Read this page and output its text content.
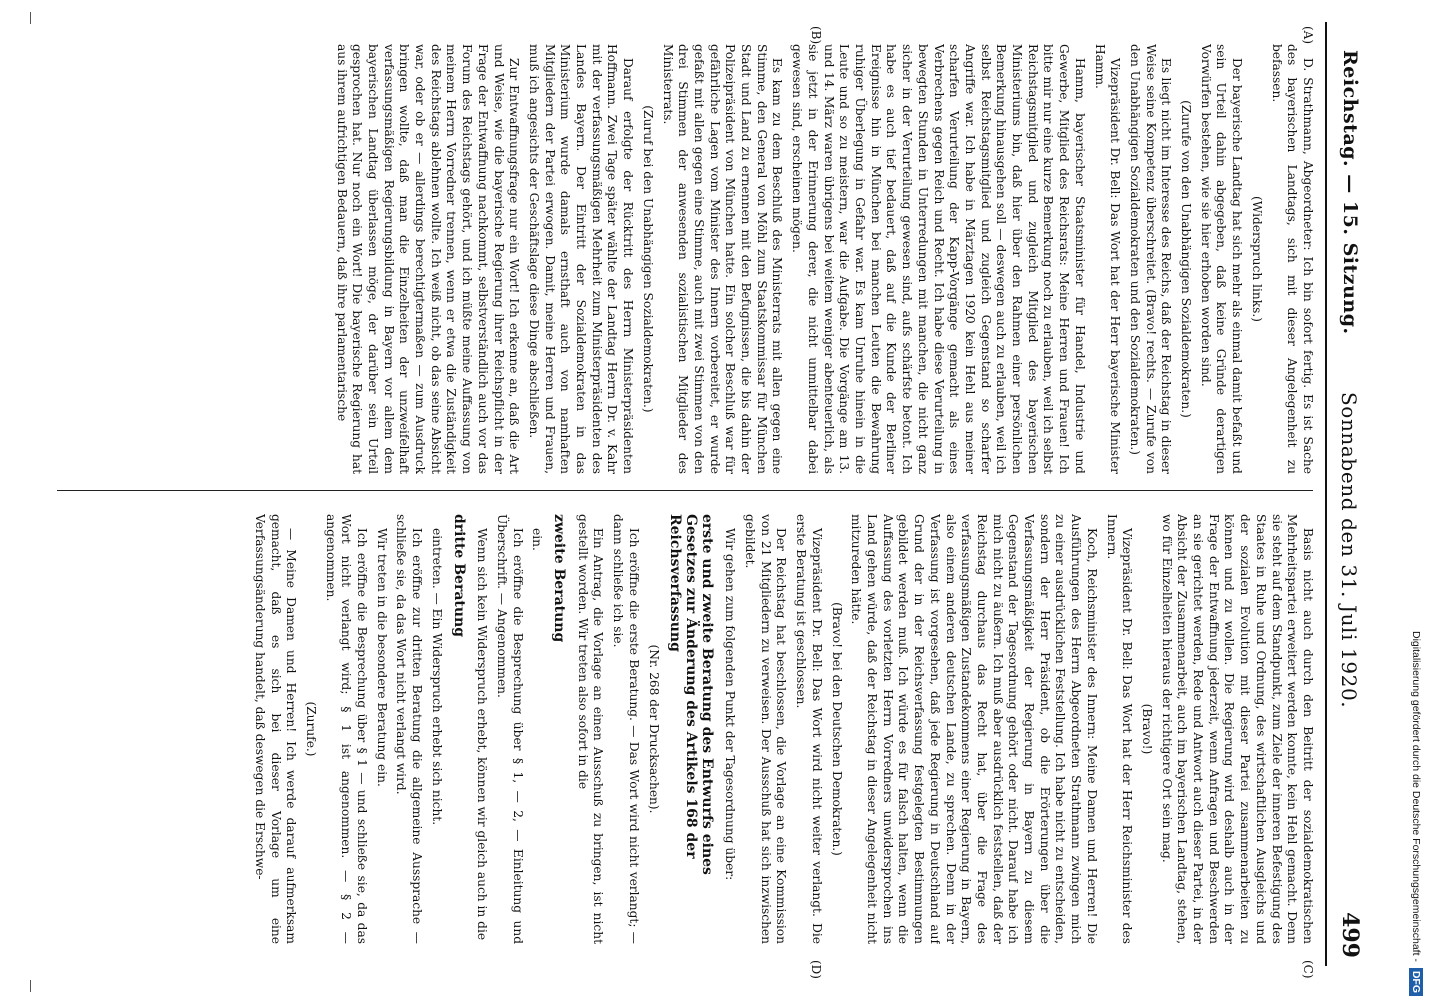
Reichstag. — 15. Sitzung.
Sonnabend den 31. Juli 1920.
499
(A)
(B)
(C)
(D)

D. Strathmann, Abgeordneter: Ich bin sofort fertig. Es ist Sache des bayerischen Landtags, sich mit dieser Angelegenheit zu befassen.

(Widerspruch links.)

Der bayerische Landtag hat sich mehr als einmal damit befaßt und sein Urteil dahin abgegeben, daß keine Gründe derartigen Vorwürfen bestehen, wie sie hier erhoben worden sind.

(Zurufe von den Unabhängigen Sozialdemokraten.)

Es liegt nicht im Interesse des Reichs, daß der Reichstag in dieser Weise seine Kompetenz überschreitet. (Bravo! rechts. — Zurufe von den Unabhängigen Sozialdemokraten und den Sozialdemokraten.)

Vizepräsident Dr. Bell: Das Wort hat der Herr bayerische Minister Hamm.

Hamm, bayerischer Staatsminister für Handel, Industrie und Gewerbe, Mitglied des Reichsrats: Meine Herren und Frauen! Ich bitte mir nur eine kurze Bemerkung noch zu erlauben, weil ich selbst Reichstagsmitglied und zugleich Mitglied des bayerischen Ministeriums bin, daß hier über den Rahmen einer persönlichen Bemerkung hinausgehen soll — deswegen auch zu erlauben, weil ich selbst Reichstagsmitglied und zugleich Gegenstand so scharfer Angriffe war. Ich habe in Märztagen 1920 kein Hehl aus meiner scharfen Verurteilung der Kapp-Vorgänge gemacht als eines Verbrechens gegen Reich und Recht. Ich habe diese Verurteilung in bewegten Stunden in Unterredungen mit manchen, die nicht ganz sicher in der Verurteilung gewesen sind, aufs schärfste betont. Ich habe es auch tief bedauert, daß auf die Kunde der Berliner Ereignisse hin in München bei manchen Leuten die Bewahrung ruhiger Überlegung in Gefahr war. Es kam Unruhe hinein in die Leute und so zu meistern, war die Aufgabe. Die Vorgänge am 13. und 14. März waren übrigens bei weitem weniger abenteuerlich, als sie jetzt in der Erinnerung derer, die nicht unmittelbar dabei gewesen sind, erscheinen mögen.

Es kam zu dem Beschluß des Ministerrats mit allen gegen eine Stimme, den General von Möhl zum Staatskommissar für München Stadt und Land zu ernennen mit den Befugnissen, die bis dahin der Polizeipräsident von München hatte. Ein solcher Beschluß war für gefährliche Lagen vom Minister des Innern vorbereitet, er wurde gefaßt mit allen gegen eine Stimme, auch mit zwei Stimmen von den drei Stimmen der anwesenden sozialistischen Mitglieder des Ministerrats.

(Zuruf bei den Unabhängigen Sozialdemokraten.)

Darauf erfolgte der Rücktritt des Herrn Ministerpräsidenten Hoffmann. Zwei Tage später wählte der Landtag Herrn Dr. v. Kahr mit der verfassungsmäßigen Mehrheit zum Ministerpräsidenten des Landes Bayern. Der Eintritt der Sozialdemokraten in das Ministerium wurde damals ernsthaft auch von namhaften Mitgliedern der Partei erwogen. Damit, meine Herren und Frauen, muß ich angesichts der Geschäftslage diese Dinge abschließen.

Zur Entwaffnungsfrage nur ein Wort! Ich erkenne an, daß die Art und Weise, wie die bayerische Regierung ihrer Reichspflicht in der Frage der Entwaffnung nachkommt, selbstverständlich auch vor das Forum des Reichstags gehört, und ich müßte meine Auffassung von meinem Herrn Vorredner trennen, wenn er etwa die Zuständigkeit des Reichstags ablehnen wollte. Ich weiß nicht, ob das seine Absicht war, oder ob er — allerdings berechtigtermaßen — zum Ausdruck bringen wollte, daß man die Einzelheiten der unzweifelhaft verfassungsmäßigen Regierungsbildung in Bayern vor allem dem bayerischen Landtag überlassen möge, der darüber sein Urteil gesprochen hat. Nur noch ein Wort! Die bayerische Regierung hat aus ihrem aufrichtigen Bedauern, daß ihre parlamentarische

Basis nicht auch durch den Beitritt der sozialdemokratischen Mehrheitspartei erweitert werden konnte, kein Hehl gemacht. Denn sie steht auf dem Standpunkt, zum Ziele der inneren Befestigung des Staates in Ruhe und Ordnung, des wirtschaftlichen Ausgleichs und der sozialen Evolution mit dieser Partei zusammenarbeiten zu können und zu wollen. Die Regierung wird deshalb auch in der Frage der Entwaffnung jederzeit, wenn Anfragen und Beschwerden an sie gerichtet werden, Rede und Antwort auch dieser Partei, in der Absicht der Zusammenarbeit, auch im bayerischen Landtag, stehen, wo für Einzelheiten hieraus der richtigere Ort sein mag.

(Bravo!)

Vizepräsident Dr. Bell: Das Wort hat der Herr Reichsminister des Innern.

Koch, Reichsminister des Innern: Meine Damen und Herren! Die Ausführungen des Herrn Abgeordneten Strathmann zwingen mich zu einer ausdrücklichen Feststellung. Ich habe nicht zu entscheiden, sondern der Herr Präsident, ob die Erörterungen über die Verfassungsmäßigkeit der Regierung in Bayern zu diesem Gegenstand der Tagesordnung gehört oder nicht. Darauf habe ich mich nicht zu äußern. Ich muß aber ausdrücklich feststellen, daß der Reichstag durchaus das Recht hat, über die Frage des verfassungsmäßigen Zustandekommens einer Regierung in Bayern, also einem anderen deutschen Lande, zu sprechen. Denn in der Verfassung ist vorgesehen, daß jede Regierung in Deutschland auf Grund der in der Reichsverfassung festgelegten Bestimmungen gebildet werden muß. Ich würde es für falsch halten, wenn die Auffassung des vorletzten Herrn Vorredners unwidersprochen ins Land gehen würde, daß der Reichstag in dieser Angelegenheit nicht mitzureden hätte.

(Bravo! bei den Deutschen Demokraten.)

Vizepräsident Dr. Bell: Das Wort wird nicht weiter verlangt. Die erste Beratung ist geschlossen.

Der Reichstag hat beschlossen, die Vorlage an eine Kommission von 21 Mitgliedern zu verweisen. Der Ausschuß hat sich inzwischen gebildet.

Wir gehen zum folgenden Punkt der Tagesordnung über:

erste und zweite Beratung des Entwurfs eines Gesetzes zur Änderung des Artikels 168 der Reichsverfassung

(Nr. 268 der Drucksachen).

Ich eröffne die erste Beratung. — Das Wort wird nicht verlangt; — dann schließe ich sie.

Ein Antrag, die Vorlage an einen Ausschuß zu bringen, ist nicht gestellt worden. Wir treten also sofort in die

zweite Beratung

ein.

Ich eröffne die Besprechung über § 1, — 2, — Einleitung und Überschrift. — Angenommen.

Wenn sich kein Widerspruch erhebt, können wir gleich auch in die

dritte Beratung

eintreten. — Ein Widerspruch erhebt sich nicht.

Ich eröffne zur dritten Beratung die allgemeine Aussprache — schließe sie, da das Wort nicht verlangt wird.

Wir treten in die besondere Beratung ein.

Ich eröffne die Besprechung über § 1 — und schließe sie, da das Wort nicht verlangt wird; § 1 ist angenommen. — § 2 — angenommen.

(Zurufe.)

— Meine Damen und Herren! Ich werde darauf aufmerksam gemacht, daß es sich bei dieser Vorlage um eine Verfassungsänderung handelt, daß deswegen die Erschwe-	Digitalisierung gefördert durch die Deutsche Forschungsgemeinschaft - DFG
